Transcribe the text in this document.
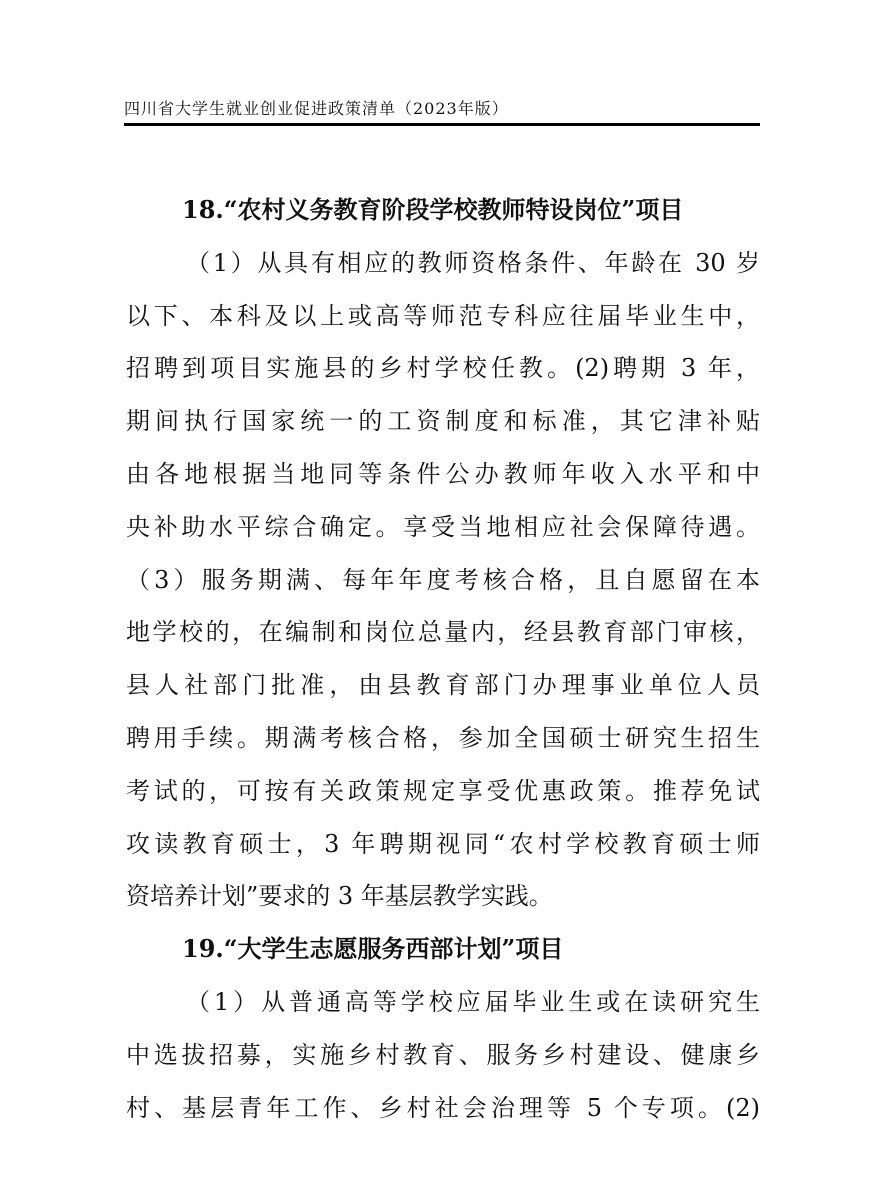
四川省大学生就业创业促进政策清单（2023年版）
18.“农村义务教育阶段学校教师特设岗位”项目
（1）从具有相应的教师资格条件、年龄在 30 岁
以下、本科及以上或高等师范专科应往届毕业生中，
招聘到项目实施县的乡村学校任教。(2)聘期 3 年，
期间执行国家统一的工资制度和标准，其它津补贴
由各地根据当地同等条件公办教师年收入水平和中
央补助水平综合确定。享受当地相应社会保障待遇。
（3）服务期满、每年年度考核合格，且自愿留在本
地学校的，在编制和岗位总量内，经县教育部门审核，
县人社部门批准，由县教育部门办理事业单位人员
聘用手续。期满考核合格，参加全国硕士研究生招生
考试的，可按有关政策规定享受优惠政策。推荐免试
攻读教育硕士，3 年聘期视同“农村学校教育硕士师
资培养计划”要求的 3 年基层教学实践。
19.“大学生志愿服务西部计划”项目
（1）从普通高等学校应届毕业生或在读研究生
中选拔招募，实施乡村教育、服务乡村建设、健康乡
村、基层青年工作、乡村社会治理等 5 个专项。(2)
